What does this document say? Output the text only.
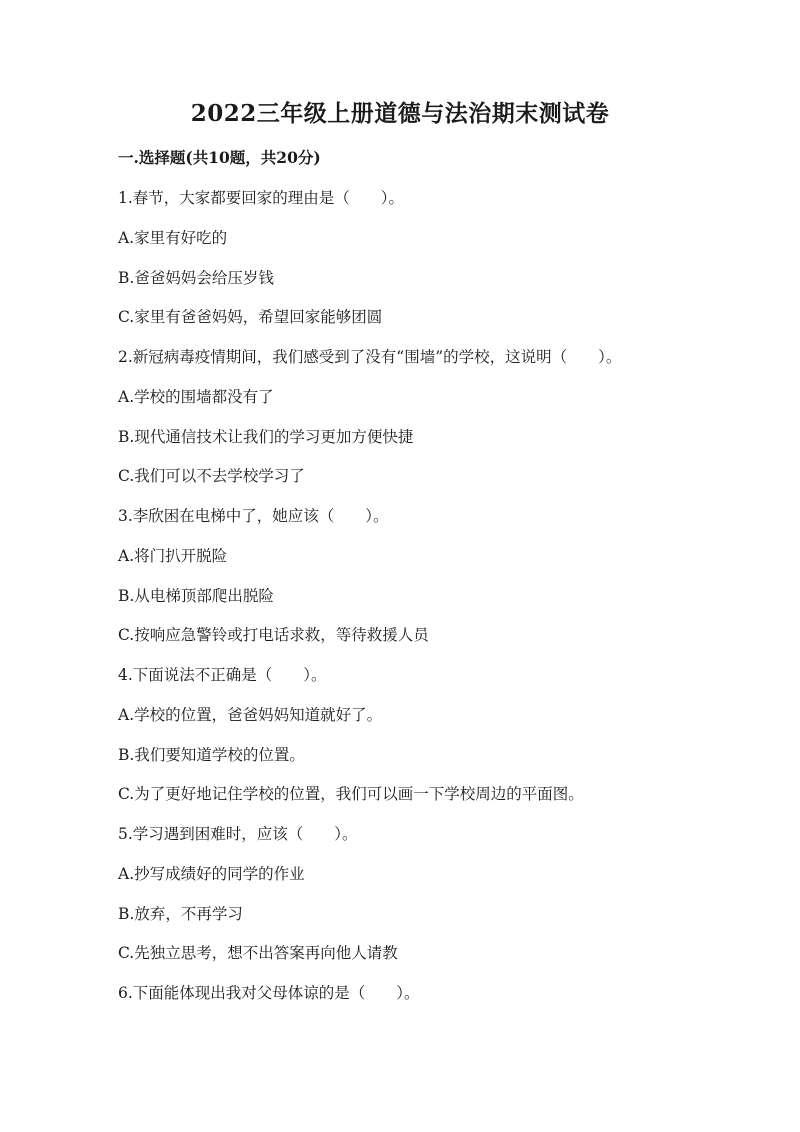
2022三年级上册道德与法治期末测试卷
一.选择题(共10题，共20分)
1.春节，大家都要回家的理由是（　　）。
A.家里有好吃的
B.爸爸妈妈会给压岁钱
C.家里有爸爸妈妈，希望回家能够团圆
2.新冠病毒疫情期间，我们感受到了没有“围墙”的学校，这说明（　　）。
A.学校的围墙都没有了
B.现代通信技术让我们的学习更加方便快捷
C.我们可以不去学校学习了
3.李欣困在电梯中了，她应该（　　）。
A.将门扒开脱险
B.从电梯顶部爬出脱险
C.按响应急警铃或打电话求救，等待救援人员
4.下面说法不正确是（　　）。
A.学校的位置，爸爸妈妈知道就好了。
B.我们要知道学校的位置。
C.为了更好地记住学校的位置，我们可以画一下学校周边的平面图。
5.学习遇到困难时，应该（　　）。
A.抄写成绩好的同学的作业
B.放弃，不再学习
C.先独立思考，想不出答案再向他人请教
6.下面能体现出我对父母体谅的是（　　）。
